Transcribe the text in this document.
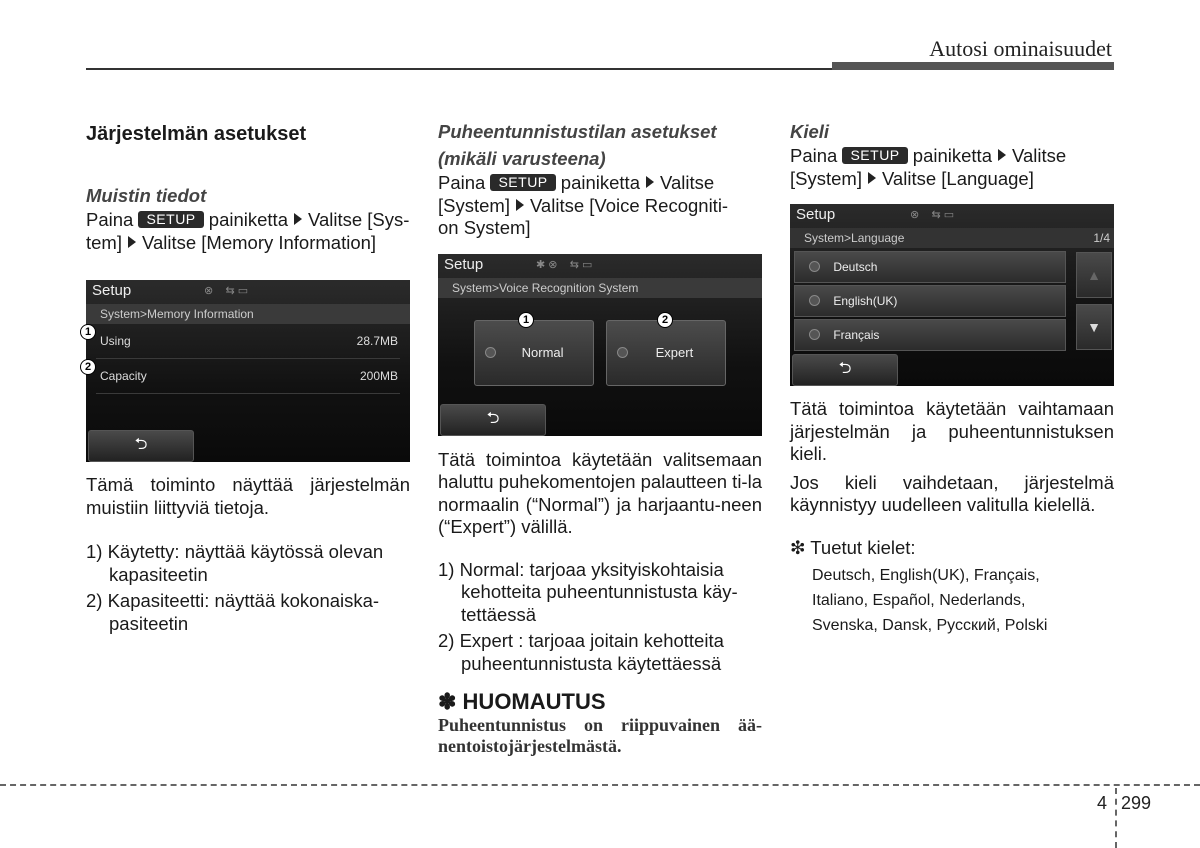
Autosi ominaisuudet
Järjestelmän asetukset
Muistin tiedot

Paina SETUP painiketta Valitse [Sys-
tem] Valitse [Memory Information]

Setup	⊗    ⇆ ▭
System>Memory Information
Using	28.7MB
Capacity	200MB
⮌
1
2

Tämä toiminto näyttää järjestelmän muistiin liittyviä tietoja.

1) Käytetty: näyttää käytössä olevan kapasiteetin
2) Kapasiteetti: näyttää kokonaiska-pasiteetin
Puheentunnistustilan asetukset
(mikäli varusteena)

Paina SETUP painiketta Valitse
[System] Valitse [Voice Recogniti-
on System]

Setup	✱ ⊗    ⇆ ▭
System>Voice Recognition System
Normal	Expert
1	2
⮌

Tätä toimintoa käytetään valitsemaan haluttu puhekomentojen palautteen ti-la normaalin (“Normal”) ja harjaantu-neen (“Expert”) välillä.

1) Normal: tarjoaa yksityiskohtaisia kehotteita puheentunnistusta käy-tettäessä
2) Expert : tarjoaa joitain kehotteita puheentunnistusta käytettäessä

✽ HUOMAUTUS

Puheentunnistus on riippuvainen ää-nentoistojärjestelmästä.

Kieli

Paina SETUP painiketta Valitse
[System] Valitse [Language]

Setup	⊗    ⇆ ▭
System>Language	1/4
Deutsch
English(UK)
Français
▲
▼
⮌

Tätä toimintoa käytetään vaihtamaan järjestelmän ja puheentunnistuksen kieli.

Jos kieli vaihdetaan, järjestelmä käynnistyy uudelleen valitulla kielellä.

❇ Tuetut kielet:

Deutsch, English(UK), Français,

Italiano, Español, Nederlands,

Svenska, Dansk, Русский, Polski

4 299
